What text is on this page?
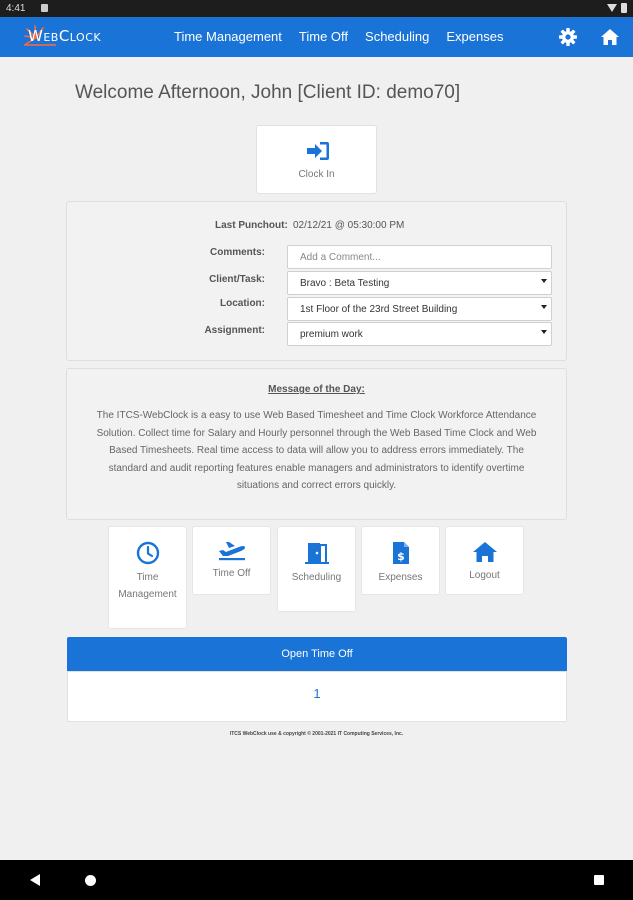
4:41
WebClock	Time Management Time Off Scheduling Expenses
Welcome Afternoon, John [Client ID: demo70]
Clock In
Last Punchout: 02/12/21 @ 05:30:00 PM
Comments:	Add a Comment...
Client/Task:	Bravo : Beta Testing
Location:
1st Floor of the 23rd Street Building
Assignment:	premium work
Message of the Day:

The ITCS-WebClock is a easy to use Web Based Timesheet and Time Clock Workforce Attendance Solution. Collect time for Salary and Hourly personnel through the Web Based Time Clock and Web Based Timesheets. Real time access to data will allow you to address errors immediately. The standard and audit reporting features enable managers and administrators to identify overtime situations and correct errors quickly.

Time Management
Time Off	Scheduling
$
Expenses	Logout
Open Time Off
1
ITCS WebClock use & copyright © 2001-2021 IT Computing Services, Inc.
